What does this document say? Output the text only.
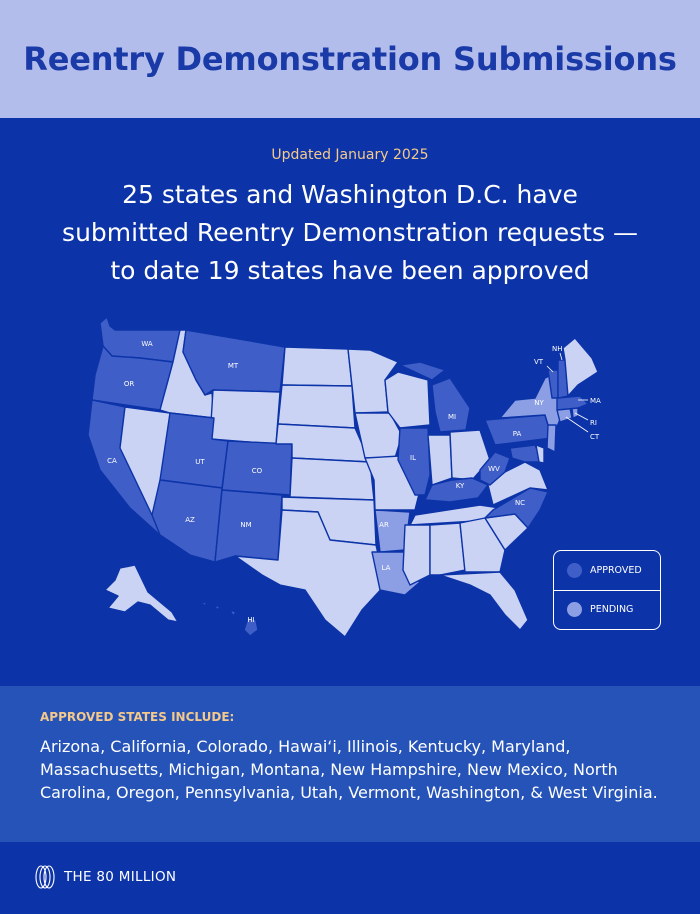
Reentry Demonstration Submissions
Updated January 2025
25 states and Washington D.C. have
submitted Reentry Demonstration requests —
to date 19 states have been approved
WA
OR
CA
MT
UT
CO
AZ
NM
IL
MI
KY
WV
PA
NY
NC
AR
LA
HI
VT
NH
MA
RI
CT
APPROVED
PENDING
APPROVED STATES INCLUDE:
Arizona, California, Colorado, Hawai‘i, Illinois, Kentucky, Maryland, Massachusetts, Michigan, Montana, New Hampshire, New Mexico, North Carolina, Oregon, Pennsylvania, Utah, Vermont, Washington, & West Virginia.
THE 80 MILLION
